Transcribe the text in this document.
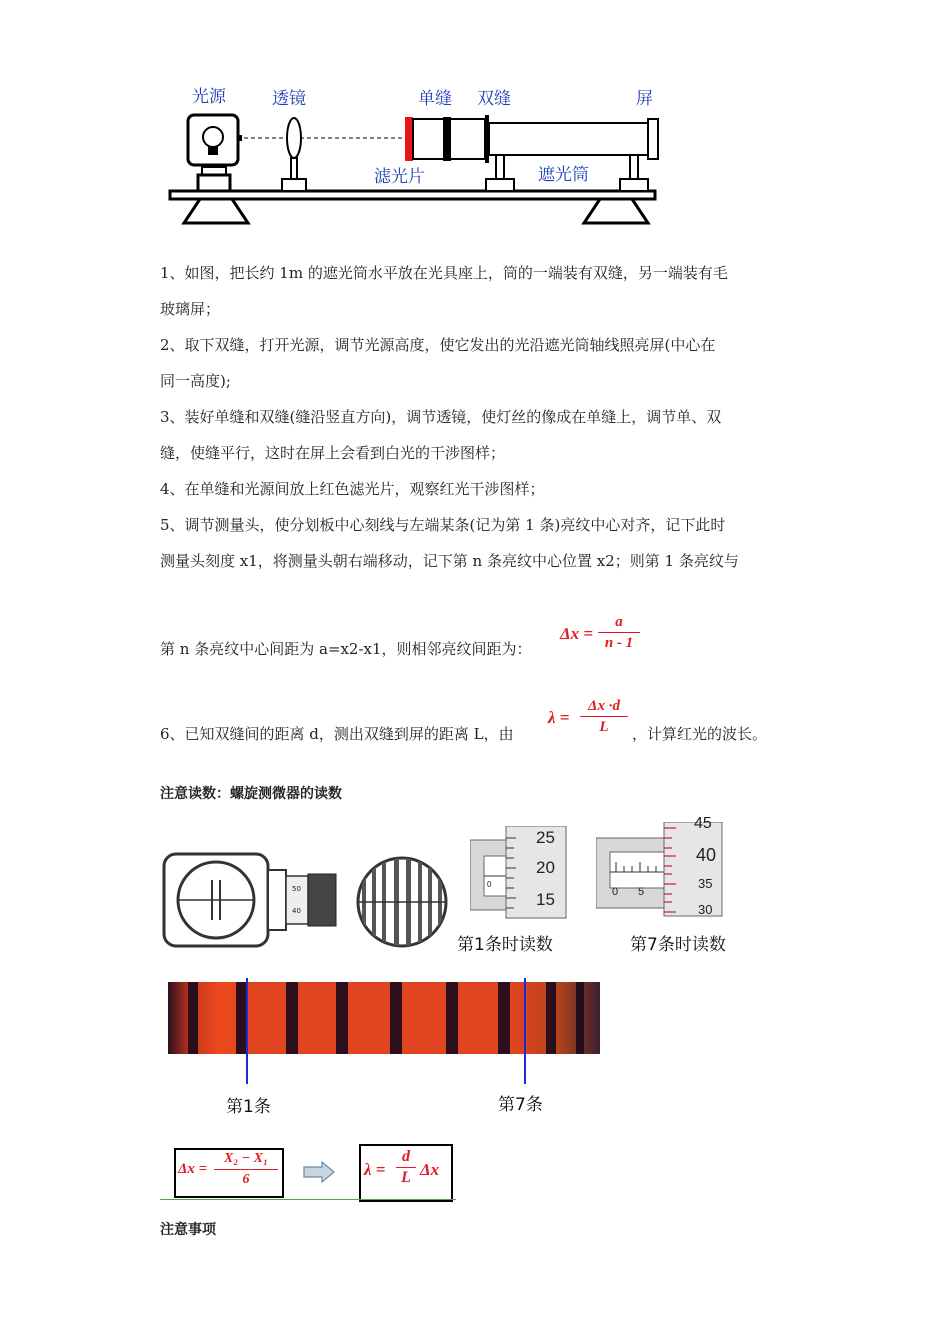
光源	透镜	单缝 双缝	屏
滤光片	遮光筒
1、如图，把长约 1m 的遮光筒水平放在光具座上，筒的一端装有双缝，另一端装有毛
玻璃屏；
2、取下双缝，打开光源，调节光源高度，使它发出的光沿遮光筒轴线照亮屏(中心在
同一高度);
3、装好单缝和双缝(缝沿竖直方向)，调节透镜，使灯丝的像成在单缝上，调节单、双
缝，使缝平行，这时在屏上会看到白光的干涉图样；
4、在单缝和光源间放上红色滤光片，观察红光干涉图样；
5、调节测量头，使分划板中心刻线与左端某条(记为第 1 条)亮纹中心对齐，记下此时
测量头刻度 x1，将测量头朝右端移动，记下第 n 条亮纹中心位置 x2；则第 1 条亮纹与
第 n 条亮纹中心间距为 a=x2-x1，则相邻亮纹间距为：
Δx =
a
n - 1
6、已知双缝间的距离 d，测出双缝到屏的距离 L，由
λ =
Δx ·d
L	，计算红光的波长。
注意读数：螺旋测微器的读数
50
40
25
20
15
0
第1条时读数
45
40
35
30
0 5
第7条时读数
第1条	第7条
Δx =
X₂ − X₁
6
λ =
d
L Δx
注意事项
